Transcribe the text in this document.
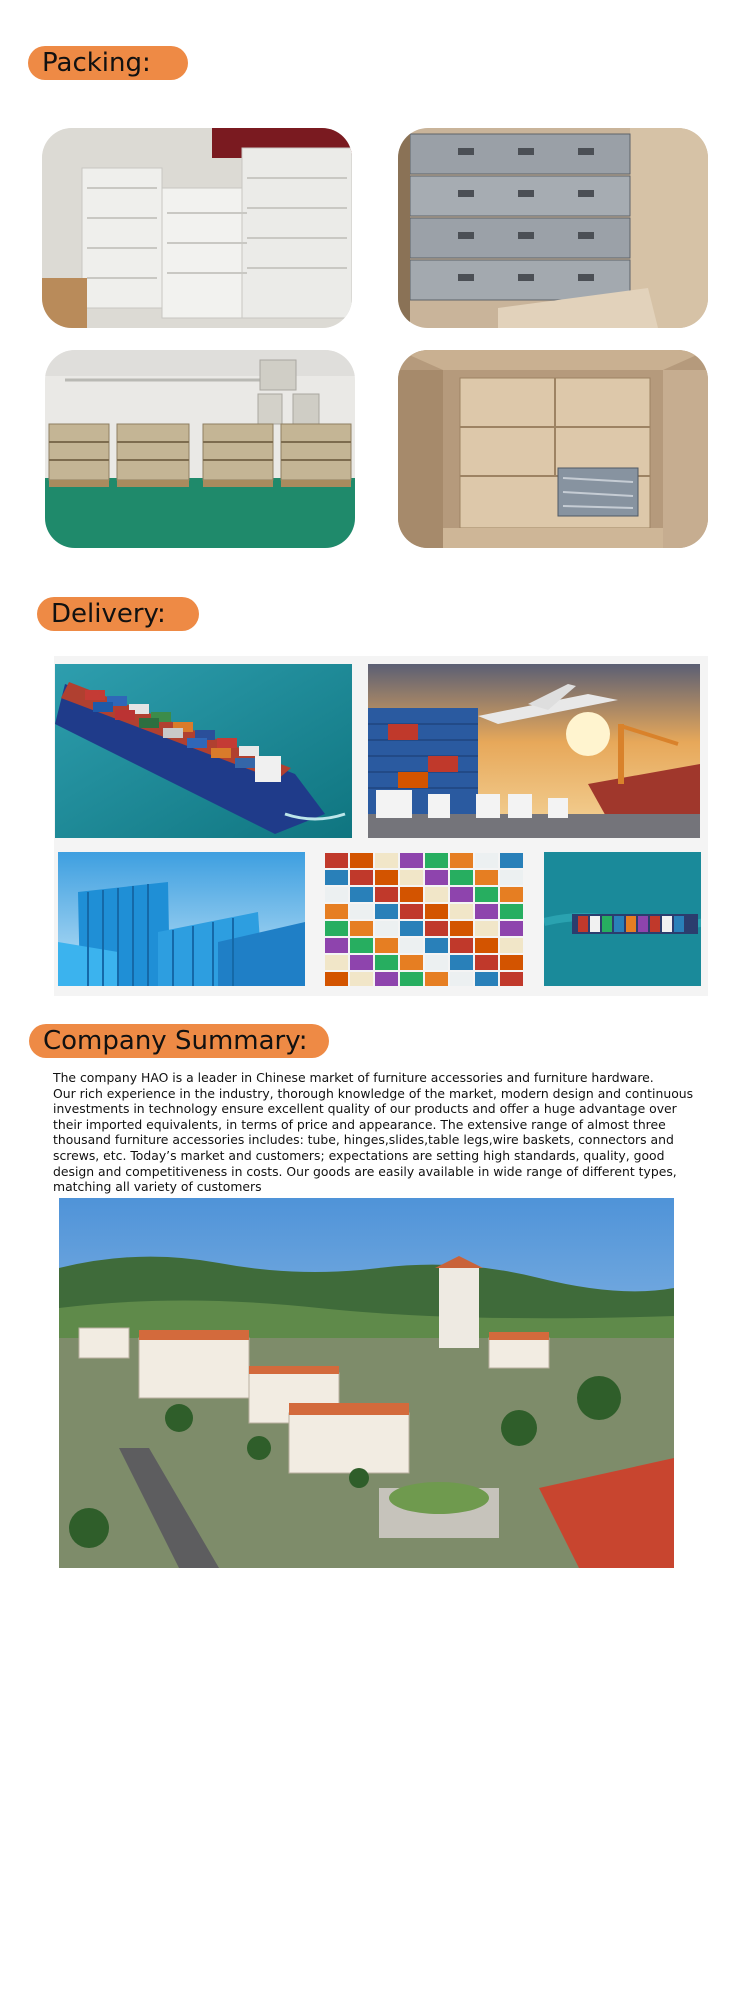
Packing:
Delivery:
Company Summary:

The company HAO is a leader in Chinese market of furniture accessories and furniture hardware.

Our rich experience in the industry, thorough knowledge of the market, modern design and continuous investments in technology ensure excellent quality of our products and offer a huge advantage over their imported equivalents, in terms of price and appearance. The extensive range of almost three thousand furniture accessories includes: tube, hinges,slides,table legs,wire baskets, connectors and screws, etc. Today’s market and customers; expectations are setting high standards, quality, good design and competitiveness in costs. Our goods are easily available in wide range of different types, matching all variety of customers
